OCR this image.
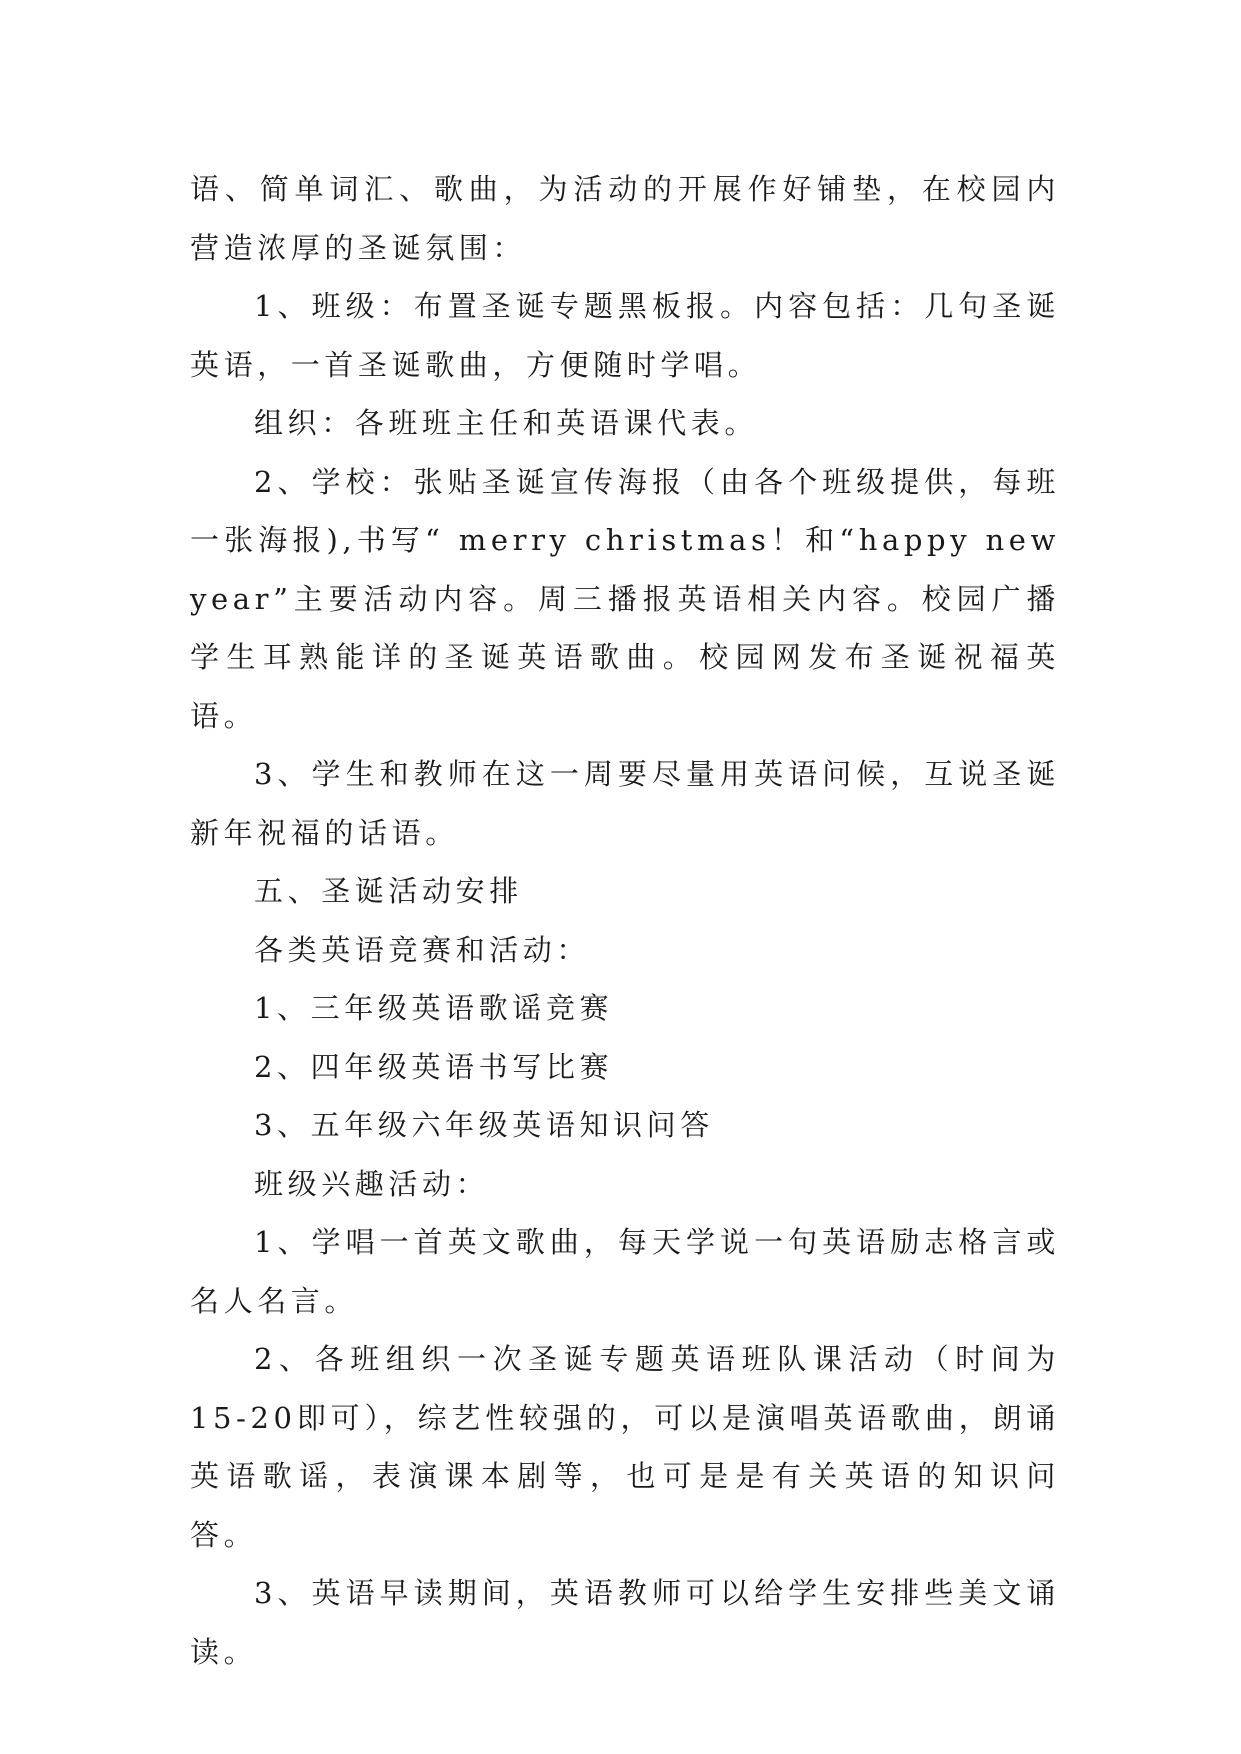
语、简单词汇、歌曲，为活动的开展作好铺垫，在校园内营造浓厚的圣诞氛围：

1、班级：布置圣诞专题黑板报。内容包括：几句圣诞英语，一首圣诞歌曲，方便随时学唱。

组织：各班班主任和英语课代表。

2、学校：张贴圣诞宣传海报（由各个班级提供，每班一张海报),书写“ merry christmas！和“happy new year”主要活动内容。周三播报英语相关内容。校园广播学生耳熟能详的圣诞英语歌曲。校园网发布圣诞祝福英语。

3、学生和教师在这一周要尽量用英语问候，互说圣诞新年祝福的话语。

五、圣诞活动安排

各类英语竞赛和活动：

1、三年级英语歌谣竞赛

2、四年级英语书写比赛

3、五年级六年级英语知识问答

班级兴趣活动：

1、学唱一首英文歌曲，每天学说一句英语励志格言或名人名言。

2、各班组织一次圣诞专题英语班队课活动（时间为15-20即可），综艺性较强的，可以是演唱英语歌曲，朗诵英语歌谣，表演课本剧等，也可是是有关英语的知识问答。

3、英语早读期间，英语教师可以给学生安排些美文诵读。
